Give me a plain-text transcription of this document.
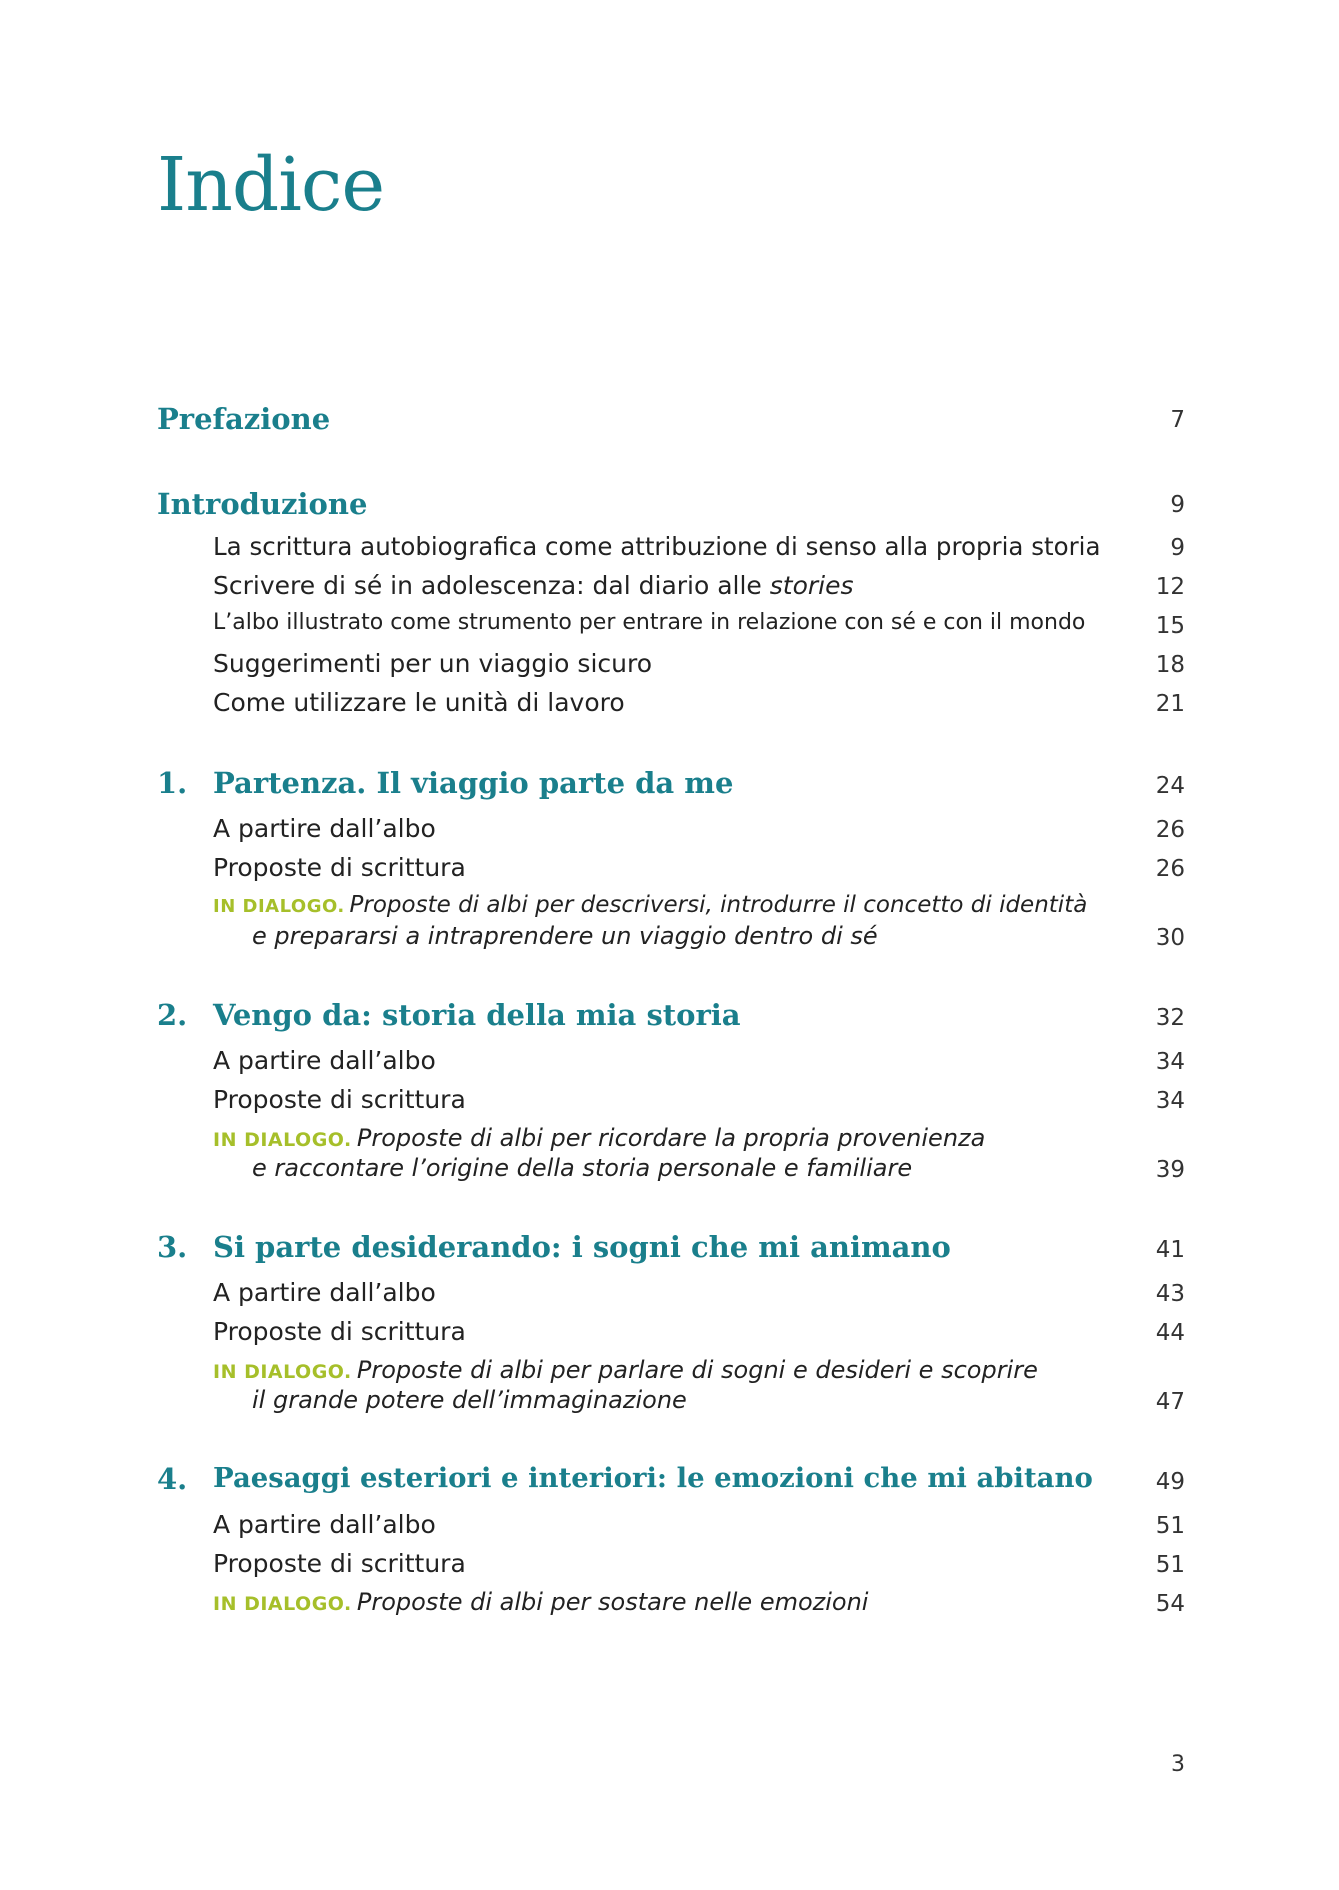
Indice
Prefazione	7
Introduzione	9
La scrittura autobiografica come attribuzione di senso alla propria storia	9
Scrivere di sé in adolescenza: dal diario alle stories	12
L’albo illustrato come strumento per entrare in relazione con sé e con il mondo	15
Suggerimenti per un viaggio sicuro	18
Come utilizzare le unità di lavoro	21
1. Partenza. Il viaggio parte da me	24
A partire dall’albo	26
Proposte di scrittura	26
IN DIALOGO. Proposte di albi per descriversi, introdurre il concetto di identità
e prepararsi a intraprendere un viaggio dentro di sé	30
2. Vengo da: storia della mia storia	32
A partire dall’albo	34
Proposte di scrittura	34
IN DIALOGO. Proposte di albi per ricordare la propria provenienza
e raccontare l’origine della storia personale e familiare	39
3. Si parte desiderando: i sogni che mi animano	41
A partire dall’albo	43
Proposte di scrittura	44
IN DIALOGO. Proposte di albi per parlare di sogni e desideri e scoprire
il grande potere dell’immaginazione	47
4. Paesaggi esteriori e interiori: le emozioni che mi abitano	49
A partire dall’albo	51
Proposte di scrittura	51
IN DIALOGO. Proposte di albi per sostare nelle emozioni	54
3
